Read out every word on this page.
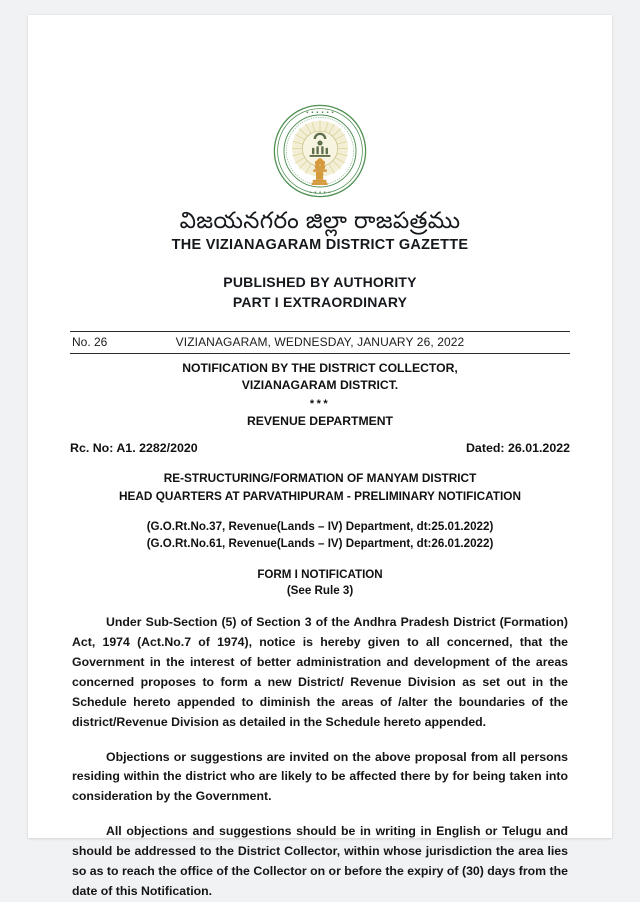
• • • • • •
• • • • •
విజయనగరం జిల్లా రాజపత్రము
THE VIZIANAGARAM DISTRICT GAZETTE
PUBLISHED BY AUTHORITY
PART I EXTRAORDINARY
No. 26	VIZIANAGARAM, WEDNESDAY, JANUARY 26, 2022
NOTIFICATION BY THE DISTRICT COLLECTOR,
VIZIANAGARAM DISTRICT.
***
REVENUE DEPARTMENT
Rc. No: A1. 2282/2020	Dated: 26.01.2022
RE-STRUCTURING/FORMATION OF MANYAM DISTRICT
HEAD QUARTERS AT PARVATHIPURAM - PRELIMINARY NOTIFICATION
(G.O.Rt.No.37, Revenue(Lands – IV) Department, dt:25.01.2022)
(G.O.Rt.No.61, Revenue(Lands – IV) Department, dt:26.01.2022)
FORM I NOTIFICATION
(See Rule 3)

Under Sub-Section (5) of Section 3 of the Andhra Pradesh District (Formation) Act, 1974 (Act.No.7 of 1974), notice is hereby given to all concerned, that the Government in the interest of better administration and development of the areas concerned proposes to form a new District/ Revenue Division as set out in the Schedule hereto appended to diminish the areas of /alter the boundaries of the district/Revenue Division as detailed in the Schedule hereto appended.

Objections or suggestions are invited on the above proposal from all persons residing within the district who are likely to be affected there by for being taken into consideration by the Government.

All objections and suggestions should be in writing in English or Telugu and should be addressed to the District Collector, within whose jurisdiction the area lies so as to reach the office of the Collector on or before the expiry of (30) days from the date of this Notification.
